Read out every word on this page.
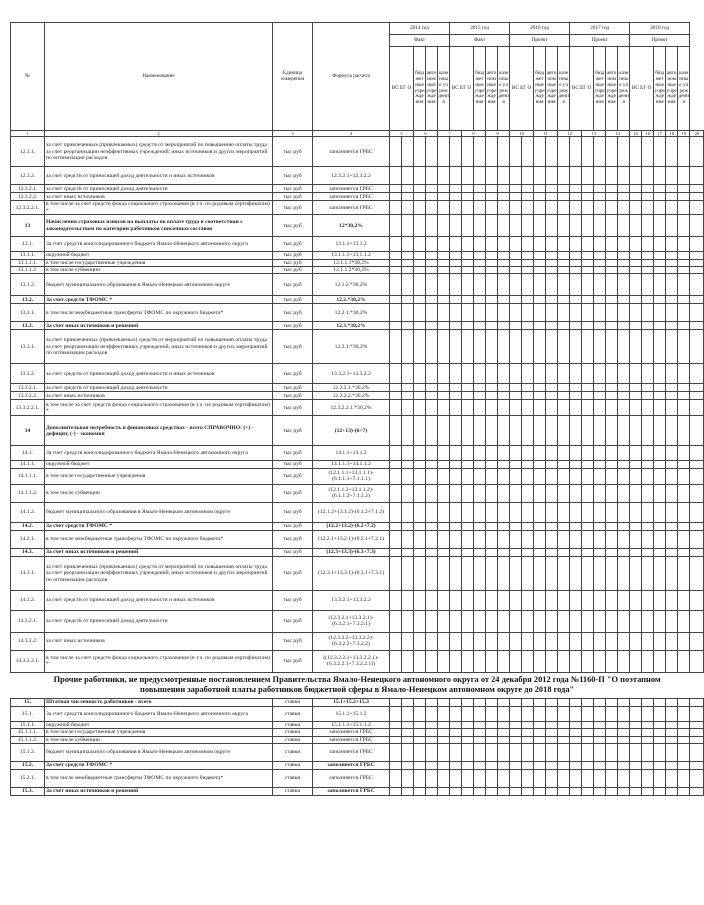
№	Наименование	Единица измерения	Формула расчета	2014 год					2015 год					2016 год					2017 год					2018 год						
				Факт					Факт					Проект					Проект					Проект						
				ВС ЕГ О		бюджет ные учреждения	автономные учреждения	казенные учреждения	ВС ЕГ О		бюджет ные учреждения	автономные учреждения	казенные учреждения	ВС ЕГ О		бюджет ные учреждения	автономные учреждения	казенные учреждения	ВС ЕГ О		бюджет ные учреждения	автономные учреждения	казенные учреждения	ВС ЕГ О		бюджет ные учреждения	автономные учреждения	казенные учреждения		
1	2	3	4	5		6		7		8		9		10		11		12		13		14		15	16	17	18	19	20						
12.3.1.	за счет привлеченных (привлекаемых) средств от мероприятий по повышению оплаты труда за счет реорганизации неэффективных учреждений, иных источников и других мероприятий по оптимизации расходов	тыс руб	заполняется ГРБС																											
12.3.2.	за счет средств от приносящей доход деятельности и иных источников	тыс руб	12.3.2.1+12.3.2.2																											
12.3.2.1.	за счет средств от приносящей доход деятельности	тыс руб	заполняется ГРБС																											
12.3.2.2.	за счет иных источников	тыс руб	заполняется ГРБС																											
12.3.2.2.1.	в том числе за счет средств фонда социального страхования (в т.ч. по родовым сертификатам) *	тыс руб	заполняется ГРБС																											
13	Начисления страховых взносов на выплаты по оплате труда в соответствии с законодательством по категории работников списочных составов	тыс руб	12*30,2%																											
13.1.	За счет средств консолидированного бюджета Ямало-Ненецкого автономного округа	тыс руб	13.1.1+13.1.2																											
13.1.1.	окружной бюджет	тыс руб	13.1.1.1+13.1.1.2																											
13.1.1.1.	в том числе государственные учреждения	тыс руб	12.1.1.1*30,2%																											
13.1.1.2.	в том числе субвенции	тыс руб	12.1.1.2*30,2%																											
13.1.2.	бюджет муниципального образования в Ямало-Ненецком автономном округе	тыс руб	12.1.2.*30,2%																											
13.2.	За счет средств ТФОМС *	тыс руб	12.2.*30,2%																											
13.2.1.	в том числе межбюджетные трансферты ТФОМС по окружного бюджета*	тыс руб	12.2.1.*30,2%																											
13.3.	За счет иных источников и решений	тыс руб	12.3.*30,2%																											
13.3.1.	за счет привлеченных (привлекаемых) средств от мероприятий по повышению оплаты труда за счет реорганизации неэффективных учреждений, иных источников и других мероприятий по оптимизации расходов	тыс руб	12.3.1.*30,2%																											
13.3.2.	за счет средств от приносящей доход деятельности и иных источников	тыс руб	13.3.2.1+13.3.2.2																											
13.3.2.1.	за счет средств от приносящей доход деятельности	тыс руб	12.3.2.1.*30,2%																											
13.3.2.2.	за счет иных источников	тыс руб	12.3.2.2.*30,2%																											
13.3.2.2.1.	в том числе за счет средств фонда социального страхования (в т.ч. по родовым сертификатам) *	тыс руб	12.3.2.2.1.*30,2%																											
14	Дополнительная потребность в финансовых средствах - всего СПРАВОЧНО: (+) - дефицит, (-) - экономия	тыс руб	(12+13)-(6+7)																											
14.1.	За счет средств консолидированного бюджета Ямало-Ненецкого автономного округа	тыс руб	14.1.1+14.1.2																											
14.1.1.	окружной бюджет	тыс руб	14.1.1.1+14.1.1.2																											
14.1.1.1.	в том числе государственные учреждения	тыс руб	(12.1.1.1+13.1.1.1)-(6.1.1.1+7.1.1.1)																											
14.1.1.2.	в том числе субвенции	тыс руб	(12.1.1.2+13.1.1.2)-(6.1.1.2+7.1.1.2)																											
14.1.2.	бюджет муниципального образования в Ямало-Ненецком автономном округе	тыс руб	(12.1.2+13.1.2)-(6.1.2+7.1.2)																											
14.2.	За счет средств ТФОМС *	тыс руб	(12.2+13.2)-(6.2+7.2)																											
14.2.1.	в том числе межбюджетные трансферты ТФОМС по окружного бюджета*	тыс руб	(12.2.1+13.2.1)-(6.2.1+7.2.1)																											
14.3.	За счет иных источников и решений	тыс руб	(12.3+13.3)-(6.3+7.3)																											
14.3.1.	за счет привлеченных (привлекаемых) средств от мероприятий по повышению оплаты труда за счет реорганизации неэффективных учреждений, иных источников и других мероприятий по оптимизации расходов	тыс руб	(12.3.1+13.3.1)-(6.3.1+7.3.1)																											
14.3.2.	за счет средств от приносящей доход деятельности и иных источников	тыс руб	13.3.2.1+13.3.2.2																											
14.3.2.1.	за счет средств от приносящей доход деятельности	тыс руб	(12.3.2.1+13.3.2.1)-(6.3.2.1+7.3.2.1)																											
14.3.2.2.	за счет иных источников	тыс руб	(12.3.2.2+13.3.2.2)-(6.3.2.2+7.3.2.2)																											
14.3.2.2.1.	в том числе за счет средств фонда социального страхования (в т.ч. по родовым сертификатам) *	тыс руб	((12.3.2.2.1+13.3.2.2.1)-(6.3.2.2.1+7.3.2.2.1))																											

Прочие работники, не предусмотренные постановлением Правительства Ямало-Ненецкого автономного округа от 24 декабря 2012 года №1160-П "О поэтапном повышении заработной платы работников бюджетной сферы в Ямало-Ненецком автономном округе до 2018 года"																														

15.	Штатная численность работников - всего	ставки	15.1+15.2+15.3																											
15.1.	За счет средств консолидированного бюджета Ямало-Ненецкого автономного округа	ставки	15.1.1+15.1.2																											
15.1.1.	окружной бюджет	ставки	15.1.1.1+15.1.1.2																											
15.1.1.1.	в том числе государственные учреждения	ставки	заполняется ГРБС																											
15.1.1.2.	в том числе субвенции	ставки	заполняется ГРБС																											
15.1.2.	бюджет муниципального образования в Ямало-Ненецком автономном округе	ставки	заполняется ГРБС																											
15.2.	За счет средств ТФОМС *	ставки	заполняется ГРБС																											
15.2.1.	в том числе межбюджетные трансферты ТФОМС по окружного бюджета*	ставки	заполняется ГРБС																											
15.3.	За счет иных источников и решений	ставки	заполняется ГРБС																											
